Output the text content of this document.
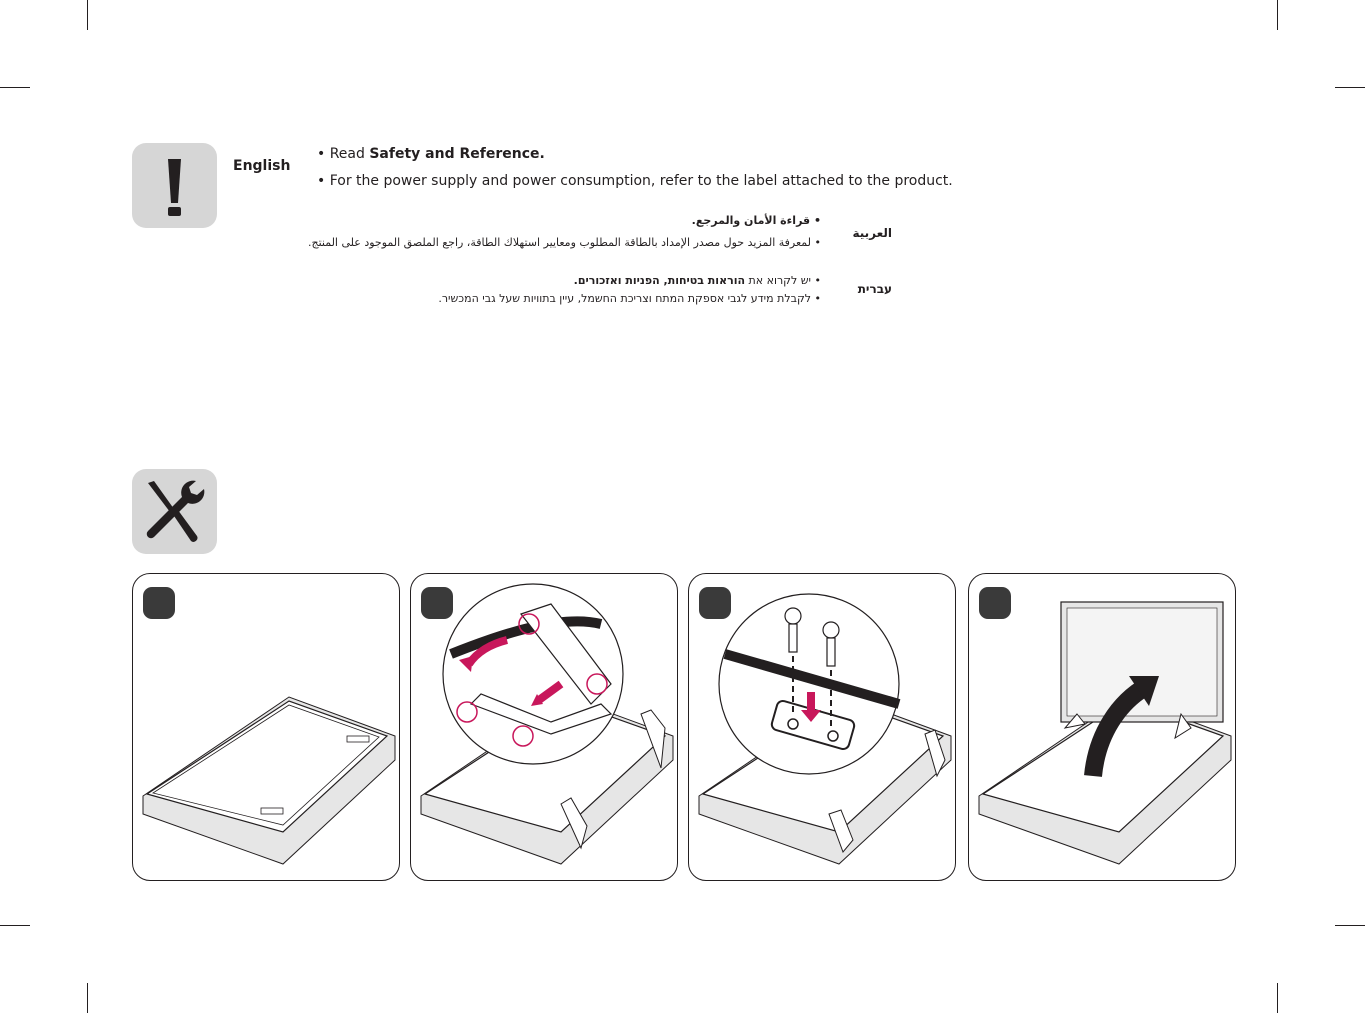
English
• Read Safety and Reference.
• For the power supply and power consumption, refer to the label attached to the product.
• قراءة الأمان والمرجع.
• لمعرفة المزيد حول مصدر الإمداد بالطاقة المطلوب ومعايير استهلاك الطاقة، راجع الملصق الموجود على المنتج.
العربية
• יש לקרוא את הוראות בטיחות, הפניות ואזכורים.
• לקבלת מידע לגבי אספקת המתח וצריכת החשמל, עיין בתוויות שעל גבי המכשיר.
עברית
